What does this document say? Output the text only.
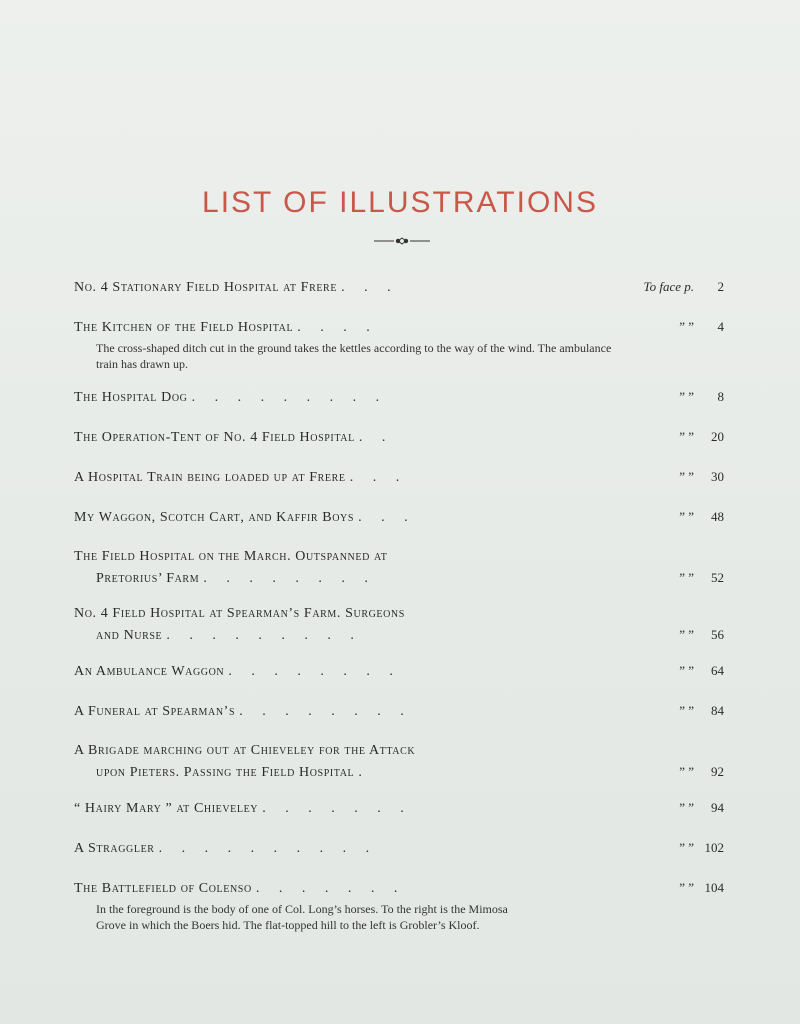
LIST OF ILLUSTRATIONS
No. 4 Stationary Field Hospital at Frere . . .	To face p. 2
The Kitchen of the Field Hospital . . . .	” ” 4
The cross-shaped ditch cut in the ground takes the kettles according to the way of the wind. The ambulance train has drawn up.
The Hospital Dog . . . . . . . . .	” ” 8
The Operation-Tent of No. 4 Field Hospital . .	” ” 20
A Hospital Train being loaded up at Frere . . .	” ” 30
My Waggon, Scotch Cart, and Kaffir Boys . . .	” ” 48
The Field Hospital on the March. Outspanned at
Pretorius’ Farm . . . . . . . .	” ” 52
No. 4 Field Hospital at Spearman’s Farm. Surgeons
and Nurse . . . . . . . . .	” ” 56
An Ambulance Waggon . . . . . . . .	” ” 64
A Funeral at Spearman’s . . . . . . . .	” ” 84
A Brigade marching out at Chieveley for the Attack
upon Pieters. Passing the Field Hospital .	” ” 92
“ Hairy Mary ” at Chieveley . . . . . . .	” ” 94
A Straggler . . . . . . . . . .	” ” 102
The Battlefield of Colenso . . . . . . .	” ” 104
In the foreground is the body of one of Col. Long’s horses. To the right is the Mimosa Grove in which the Boers hid. The flat-topped hill to the left is Grobler’s Kloof.
